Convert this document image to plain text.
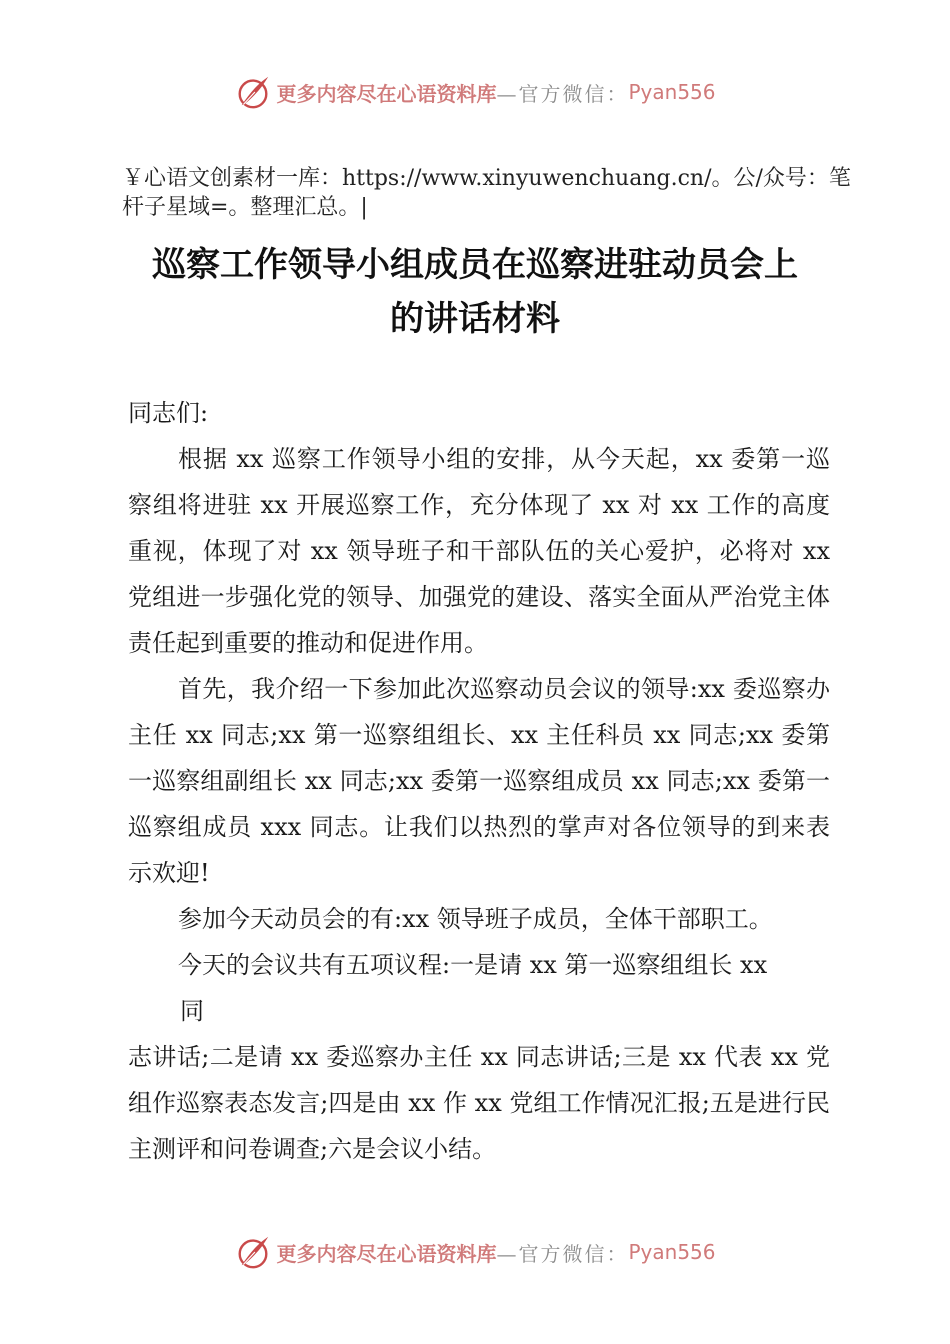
更多内容尽在心语资料库 —官方微信： Pyan556
￥心语文创素材一库：https://www.xinyuwenchuang.cn/。公/众号：笔杆子星域=。整理汇总。|
巡察工作领导小组成员在巡察进驻动员会上
的讲话材料

同志们:

根据 xx 巡察工作领导小组的安排，从今天起，xx 委第一巡察组将进驻 xx 开展巡察工作，充分体现了 xx 对 xx 工作的高度重视，体现了对 xx 领导班子和干部队伍的关心爱护，必将对 xx 党组进一步强化党的领导、加强党的建设、落实全面从严治党主体责任起到重要的推动和促进作用。

首先，我介绍一下参加此次巡察动员会议的领导:xx 委巡察办主任 xx 同志;xx 第一巡察组组长、xx 主任科员 xx 同志;xx 委第一巡察组副组长 xx 同志;xx 委第一巡察组成员 xx 同志;xx 委第一巡察组成员 xxx 同志。让我们以热烈的掌声对各位领导的到来表示欢迎!

参加今天动员会的有:xx 领导班子成员，全体干部职工。

今天的会议共有五项议程:一是请 xx 第一巡察组组长 xx

同

志讲话;二是请 xx 委巡察办主任 xx 同志讲话;三是 xx 代表 xx 党组作巡察表态发言;四是由 xx 作 xx 党组工作情况汇报;五是进行民主测评和问卷调查;六是会议小结。

更多内容尽在心语资料库 —官方微信： Pyan556
